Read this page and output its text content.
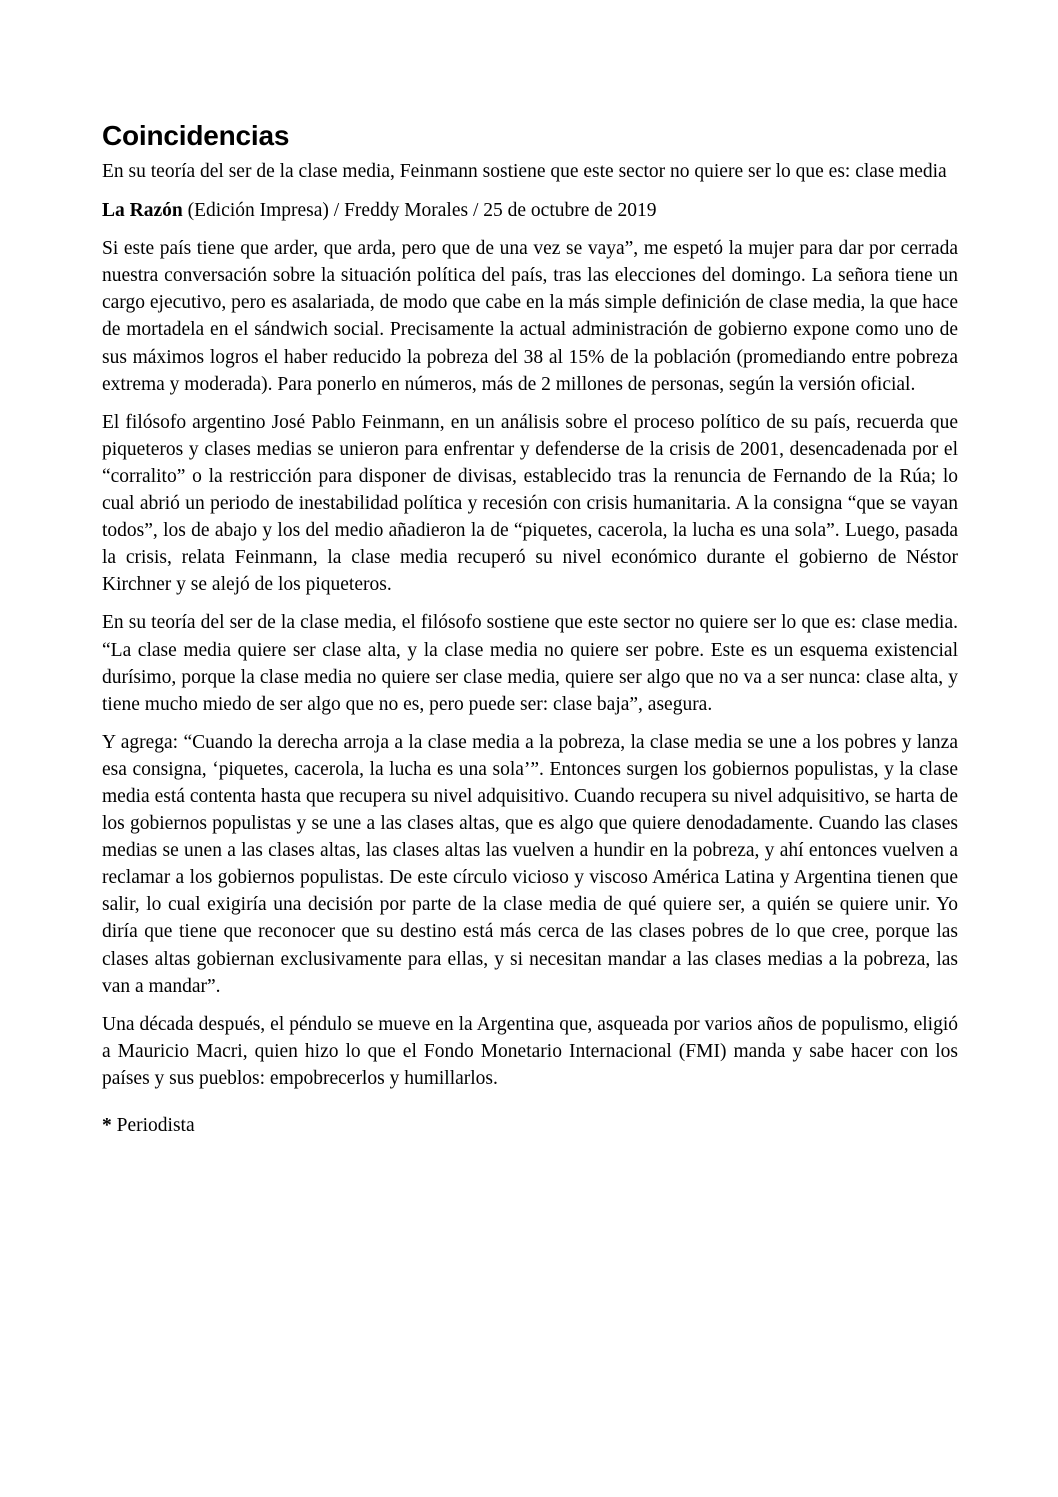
Coincidencias

En su teoría del ser de la clase media, Feinmann sostiene que este sector no quiere ser lo que es: clase media

La Razón (Edición Impresa) / Freddy Morales / 25 de octubre de 2019

Si este país tiene que arder, que arda, pero que de una vez se vaya”, me espetó la mujer para dar por cerrada nuestra conversación sobre la situación política del país, tras las elecciones del domingo. La señora tiene un cargo ejecutivo, pero es asalariada, de modo que cabe en la más simple definición de clase media, la que hace de mortadela en el sándwich social. Precisamente la actual administración de gobierno expone como uno de sus máximos logros el haber reducido la pobreza del 38 al 15% de la población (promediando entre pobreza extrema y moderada). Para ponerlo en números, más de 2 millones de personas, según la versión oficial.

El filósofo argentino José Pablo Feinmann, en un análisis sobre el proceso político de su país, recuerda que piqueteros y clases medias se unieron para enfrentar y defenderse de la crisis de 2001, desencadenada por el “corralito” o la restricción para disponer de divisas, establecido tras la renuncia de Fernando de la Rúa; lo cual abrió un periodo de inestabilidad política y recesión con crisis humanitaria. A la consigna “que se vayan todos”, los de abajo y los del medio añadieron la de “piquetes, cacerola, la lucha es una sola”. Luego, pasada la crisis, relata Feinmann, la clase media recuperó su nivel económico durante el gobierno de Néstor Kirchner y se alejó de los piqueteros.

En su teoría del ser de la clase media, el filósofo sostiene que este sector no quiere ser lo que es: clase media. “La clase media quiere ser clase alta, y la clase media no quiere ser pobre. Este es un esquema existencial durísimo, porque la clase media no quiere ser clase media, quiere ser algo que no va a ser nunca: clase alta, y tiene mucho miedo de ser algo que no es, pero puede ser: clase baja”, asegura.

Y agrega: “Cuando la derecha arroja a la clase media a la pobreza, la clase media se une a los pobres y lanza esa consigna, ‘piquetes, cacerola, la lucha es una sola’”. Entonces surgen los gobiernos populistas, y la clase media está contenta hasta que recupera su nivel adquisitivo. Cuando recupera su nivel adquisitivo, se harta de los gobiernos populistas y se une a las clases altas, que es algo que quiere denodadamente. Cuando las clases medias se unen a las clases altas, las clases altas las vuelven a hundir en la pobreza, y ahí entonces vuelven a reclamar a los gobiernos populistas. De este círculo vicioso y viscoso América Latina y Argentina tienen que salir, lo cual exigiría una decisión por parte de la clase media de qué quiere ser, a quién se quiere unir. Yo diría que tiene que reconocer que su destino está más cerca de las clases pobres de lo que cree, porque las clases altas gobiernan exclusivamente para ellas, y si necesitan mandar a las clases medias a la pobreza, las van a mandar”.

Una década después, el péndulo se mueve en la Argentina que, asqueada por varios años de populismo, eligió a Mauricio Macri, quien hizo lo que el Fondo Monetario Internacional (FMI) manda y sabe hacer con los países y sus pueblos: empobrecerlos y humillarlos.

* Periodista
